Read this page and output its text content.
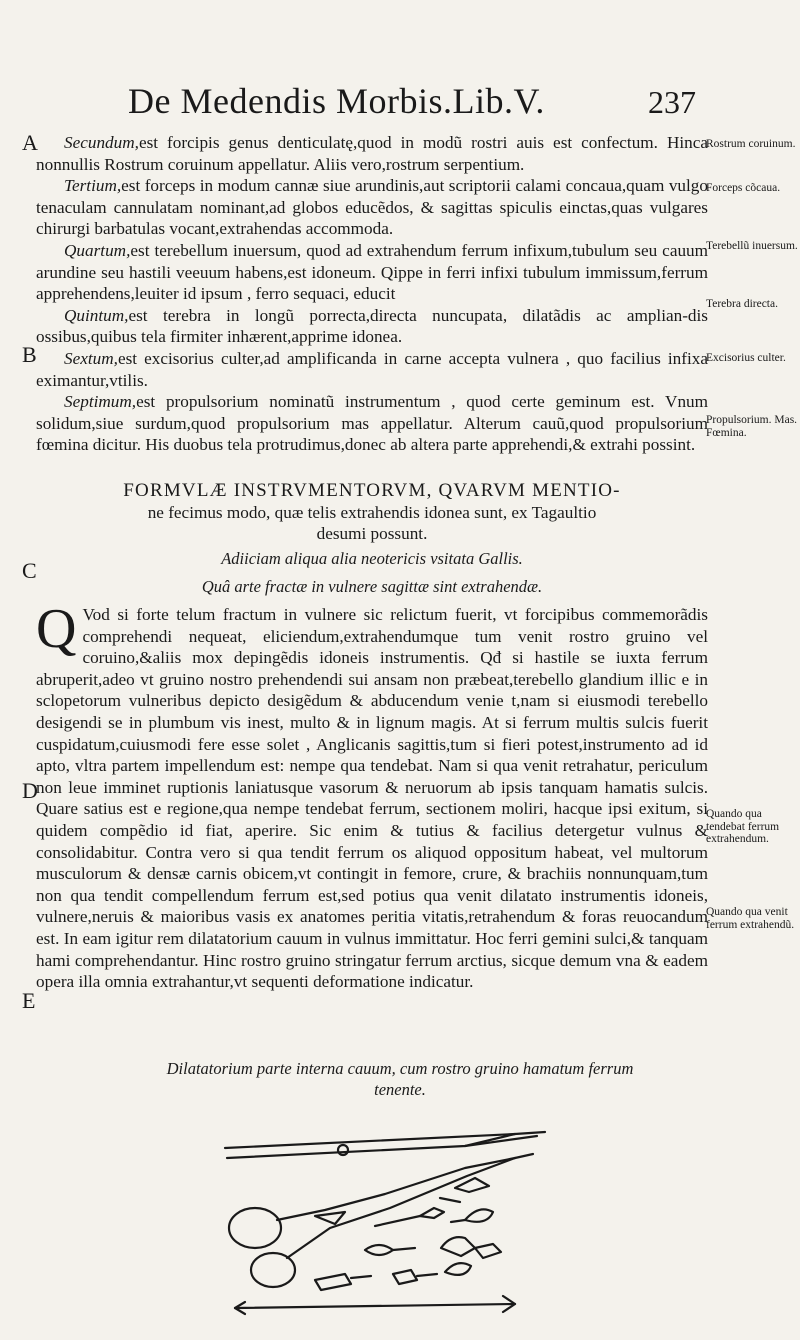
De Medendis Morbis.Lib.V.	237
A
B
C
D
E

Secundum,est forcipis genus denticulatę,quod in modũ rostri auis est confectum. Hinca nonnullis Rostrum coruinum appellatur. Aliis vero,rostrum serpentium.

Tertium,est forceps in modum cannæ siue arundinis,aut scriptorii calami concaua,quam vulgo tenaculam cannulatam nominant,ad globos educẽdos, & sagittas spiculis einctas,quas vulgares chirurgi barbatulas vocant,extrahendas accommoda.

Quartum,est terebellum inuersum, quod ad extrahendum ferrum infixum,tubulum seu cauum arundine seu hastili veeuum habens,est idoneum. Qippe in ferri infixi tubulum immissum,ferrum apprehendens,leuiter id ipsum , ferro sequaci, educit

Quintum,est terebra in longũ porrecta,directa nuncupata, dilatãdis ac amplian-dis ossibus,quibus tela firmiter inhærent,apprime idonea.

Sextum,est excisorius culter,ad amplificanda in carne accepta vulnera , quo facilius infixa eximantur,vtilis.

Septimum,est propulsorium nominatũ instrumentum , quod certe geminum est. Vnum solidum,siue surdum,quod propulsorium mas appellatur. Alterum cauũ,quod propulsorium fœmina dicitur. His duobus tela protrudimus,donec ab altera parte apprehendi,& extrahi possint.

FORMVLÆ INSTRVMENTORVM, QVARVM MENTIO-
ne fecimus modo, quæ telis extrahendis idonea sunt, ex Tagaultio desumi possunt.
Adiiciam aliqua alia neotericis vsitata Gallis.
Quâ arte fractæ in vulnere sagittæ sint extrahendæ.

Q Vod si forte telum fractum in vulnere sic relictum fuerit, vt forcipibus commemorãdis comprehendi nequeat, eliciendum,extrahendumque tum venit rostro gruino vel coruino,&aliis mox depingẽdis idoneis instrumentis. Qđ si hastile se iuxta ferrum abruperit,adeo vt gruino nostro prehendendi sui ansam non præbeat,terebello glandium illic e in sclopetorum vulneribus depicto desigẽdum & abducendum venie t,nam si eiusmodi terebello desigendi se in plumbum vis inest, multo & in lignum magis. At si ferrum multis sulcis fuerit cuspidatum,cuiusmodi fere esse solet , Anglicanis sagittis,tum si fieri potest,instrumento ad id apto, vltra partem impellendum est: nempe qua tendebat. Nam si qua venit retrahatur, periculum non leue imminet ruptionis laniatusque vasorum & neruorum ab ipsis tanquam hamatis sulcis. Quare satius est e regione,qua nempe tendebat ferrum, sectionem moliri, hacque ipsi exitum, si quidem compẽdio id fiat, aperire. Sic enim & tutius & facilius detergetur vulnus & consolidabitur. Contra vero si qua tendit ferrum os aliquod oppositum habeat, vel multorum musculorum & densæ carnis obicem,vt contingit in femore, crure, & brachiis nonnunquam,tum non qua tendit compellendum ferrum est,sed potius qua venit dilatato instrumentis idoneis, vulnere,neruis & maioribus vasis ex anatomes peritia vitatis,retrahendum & foras reuocandum est. In eam igitur rem dilatatorium cauum in vulnus immittatur. Hoc ferri gemini sulci,& tanquam hami comprehendantur. Hinc rostro gruino stringatur ferrum arctius, sicque demum vna & eadem opera illa omnia extrahantur,vt sequenti deformatione indicatur.

Dilatatorium parte interna cauum, cum rostro gruino hamatum ferrum tenente.
Rostrum coruinum.
Forceps cõcaua.
Terebellũ inuersum.
Terebra directa.
Excisorius culter.
Propulsorium. Mas. Fœmina.
Quando qua tendebat ferrum extrahendum.
Quando qua venit ferrum extrahendũ.
